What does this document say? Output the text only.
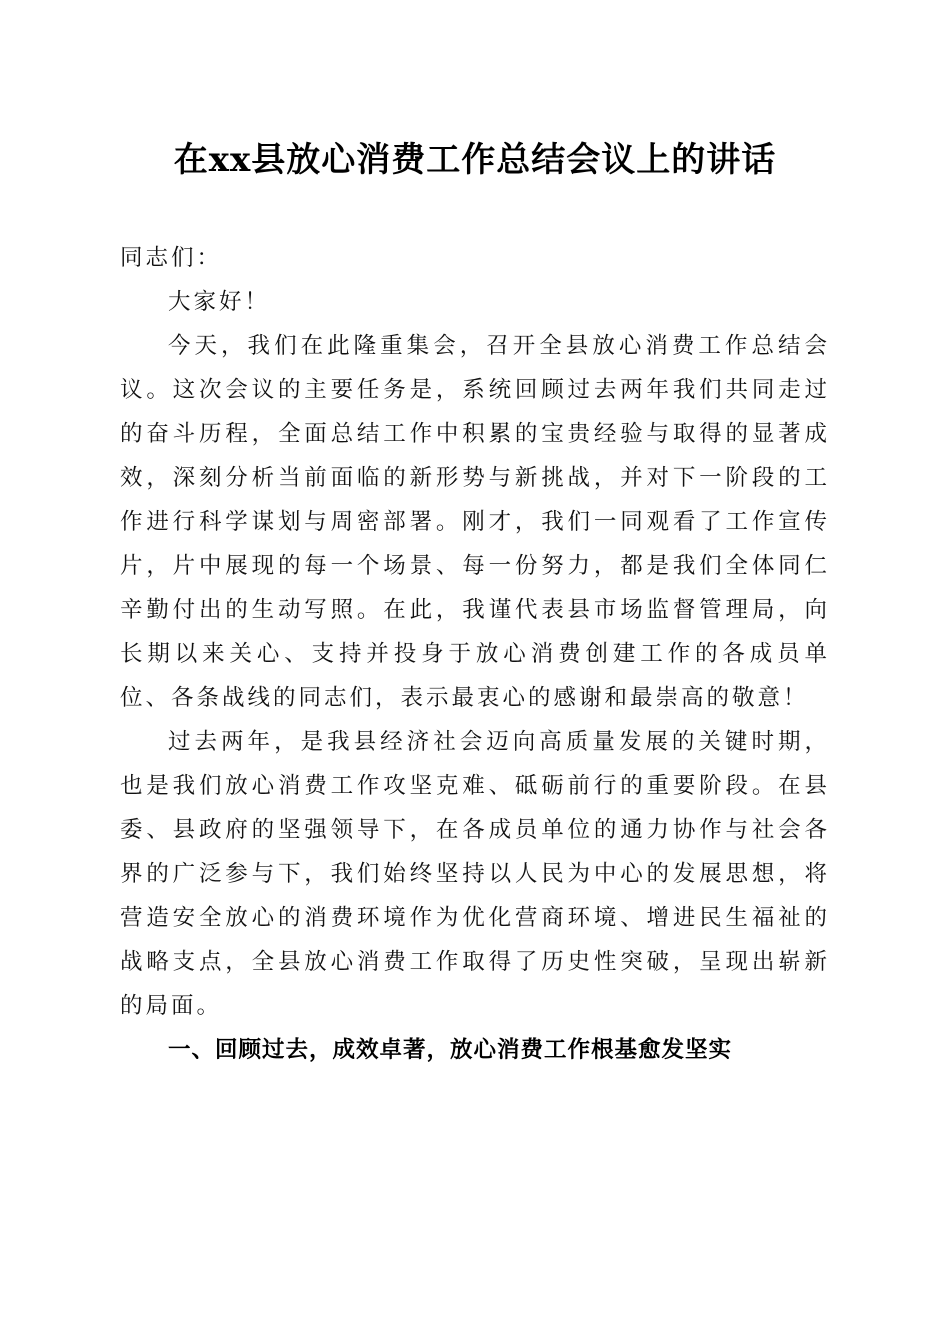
在xx县放心消费工作总结会议上的讲话

同志们：

大家好！

今天，我们在此隆重集会，召开全县放心消费工作总结会议。这次会议的主要任务是，系统回顾过去两年我们共同走过的奋斗历程，全面总结工作中积累的宝贵经验与取得的显著成效，深刻分析当前面临的新形势与新挑战，并对下一阶段的工作进行科学谋划与周密部署。刚才，我们一同观看了工作宣传片，片中展现的每一个场景、每一份努力，都是我们全体同仁辛勤付出的生动写照。在此，我谨代表县市场监督管理局，向长期以来关心、支持并投身于放心消费创建工作的各成员单位、各条战线的同志们，表示最衷心的感谢和最崇高的敬意！

过去两年，是我县经济社会迈向高质量发展的关键时期，也是我们放心消费工作攻坚克难、砥砺前行的重要阶段。在县委、县政府的坚强领导下，在各成员单位的通力协作与社会各界的广泛参与下，我们始终坚持以人民为中心的发展思想，将营造安全放心的消费环境作为优化营商环境、增进民生福祉的战略支点，全县放心消费工作取得了历史性突破，呈现出崭新的局面。

一、回顾过去，成效卓著，放心消费工作根基愈发坚实
